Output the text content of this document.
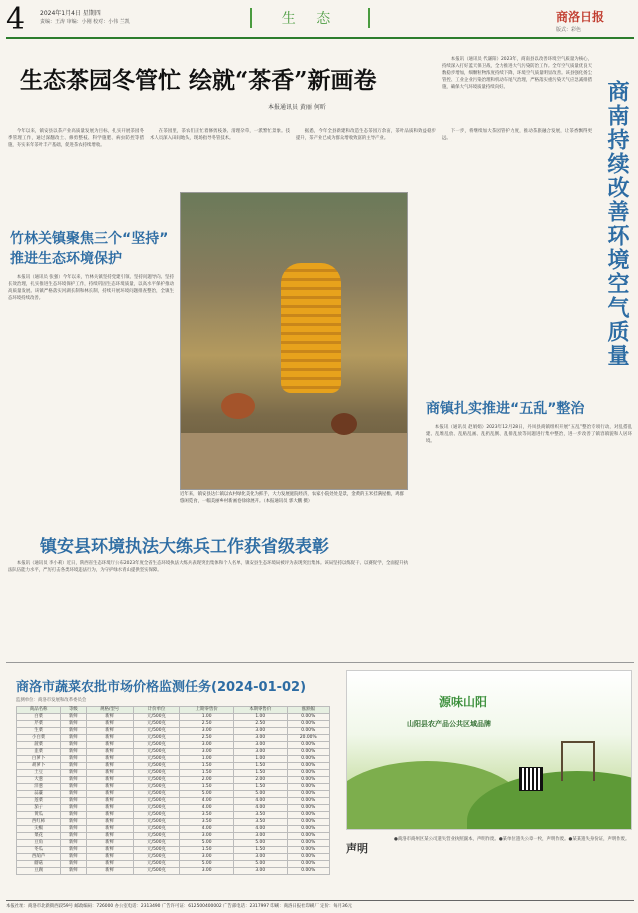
4 2024年1月4日 星期四
责编：王涛 审编：小刚 校对：小伟 兰凯	生 态	商洛日报
版式：彩色
生态茶园冬管忙 绘就“茶香”新画卷
本报通讯员 黄丽 何昕

今年以来，镇安县以茶产业高质量发展为目标，扎实开展茶园冬季管理工作，通过深翻改土、修剪整枝、科学施肥、病虫防控等措施，夯实来年茶叶丰产基础，促进茶农持续增收。

在茶园里，茶农们正忙着修剪枝条、清理杂草，一派繁忙景象。技术人员深入田间地头，现场指导冬管技术。

据悉，今年全县新建和改造生态茶园万余亩，茶叶品质和效益稳步提升，茶产业已成为群众增收致富的主导产业。

下一步，将继续加大茶园管护力度，推动茶旅融合发展，让茶香飘得更远。	商南持续改善环境空气质量

本报讯（通讯员 代谦阳）2023年，商南县以改善环境空气质量为核心，持续深入打好蓝天保卫战，全力推进大气污染防治工作。全年空气质量优良天数稳步增加，细颗粒物浓度持续下降，环境空气质量明显改善。该县强化扬尘管控、工业企业污染治理和机动车尾气治理，严格落实重污染天气应急减排措施，确保大气环境质量持续向好。

竹林关镇聚焦三个“坚持”
推进生态环境保护

本报讯（通讯员 张强）今年以来，竹林关镇坚持党建引领、坚持问题导向、坚持长效治理，扎实推进生态环境保护工作，持续巩固生态环境质量，以高水平保护推动高质量发展。该镇严格落实河湖长制和林长制，持续开展环境问题排查整治，全镇生态环境持续改善。

近年来，镇安县达仁镇以农村绿化美化为抓手，大力发展庭院经济，农家小院处处是景，金黄的玉米挂满屋檐，鸡群悠闲觅食，一幅美丽乡村新画卷徐徐展开。（本报通讯员 郭大鹏 摄）
商镇扎实推进“五乱”整治

本报讯（通讯员 赵娟娟）2023年12月28日，丹凤县商镇组织开展“五乱”整治专项行动，对乱搭乱建、乱堆乱放、乱贴乱画、乱扔乱倒、乱排乱放等问题进行集中整治，进一步改善了镇容镇貌和人居环境。

镇安县环境执法大练兵工作获省级表彰

本报讯（通讯员 李小莉）近日，陕西省生态环境厅公布2023年度全省生态环境执法大练兵表现突出集体和个人名单，镇安县生态环境局被评为表现突出集体。该局坚持以练促干、以赛促学，全面提升执法队伍能力水平，严厉打击各类环境违法行为，为守护绿水青山提供坚实保障。

商洛市蔬菜农批市场价格监测任务(2024-01-02)
监测单位：商洛市发展和改革委员会
商品名称	等级	规格/型号	计价单位	上期零售价	本期零售价	涨跌幅
白菜	新鲜	新鲜	元/500克	1.00	1.00	0.00%
芹菜	新鲜	新鲜	元/500克	2.50	2.50	0.00%
生菜	新鲜	新鲜	元/500克	3.00	3.00	0.00%
小白菜	新鲜	新鲜	元/500克	2.50	3.00	20.00%
菠菜	新鲜	新鲜	元/500克	3.00	3.00	0.00%
韭菜	新鲜	新鲜	元/500克	3.00	3.00	0.00%
白萝卜	新鲜	新鲜	元/500克	1.00	1.00	0.00%
胡萝卜	新鲜	新鲜	元/500克	1.50	1.50	0.00%
土豆	新鲜	新鲜	元/500克	1.50	1.50	0.00%
大葱	新鲜	新鲜	元/500克	2.00	2.00	0.00%
洋葱	新鲜	新鲜	元/500克	1.50	1.50	0.00%
蒜薹	新鲜	新鲜	元/500克	5.00	5.00	0.00%
莲菜	新鲜	新鲜	元/500克	4.00	4.00	0.00%
茄子	新鲜	新鲜	元/500克	4.00	4.00	0.00%
黄瓜	新鲜	新鲜	元/500克	3.50	3.50	0.00%
西红柿	新鲜	新鲜	元/500克	3.50	3.50	0.00%
尖椒	新鲜	新鲜	元/500克	4.00	4.00	0.00%
菜花	新鲜	新鲜	元/500克	3.00	3.00	0.00%
豆角	新鲜	新鲜	元/500克	5.00	5.00	0.00%
冬瓜	新鲜	新鲜	元/500克	1.50	1.50	0.00%
西葫芦	新鲜	新鲜	元/500克	3.00	3.00	0.00%
蘑菇	新鲜	新鲜	元/500克	5.00	5.00	0.00%
豆腐	新鲜	新鲜	元/500克	3.00	3.00	0.00%
源味山阳
山阳县农产品公共区域品牌
声明
●商洛市商州区某公司遗失营业执照副本，声明作废。●某单位遗失公章一枚，声明作废。●某某遗失身份证，声明作废。
本报社址：商洛市北新街西段59号 邮政编码：726000 办公室电话：2313490 广告许可证：612500400002 广告部电话：2317997 印刷：商洛日报社印刷厂 定价：每月36元
